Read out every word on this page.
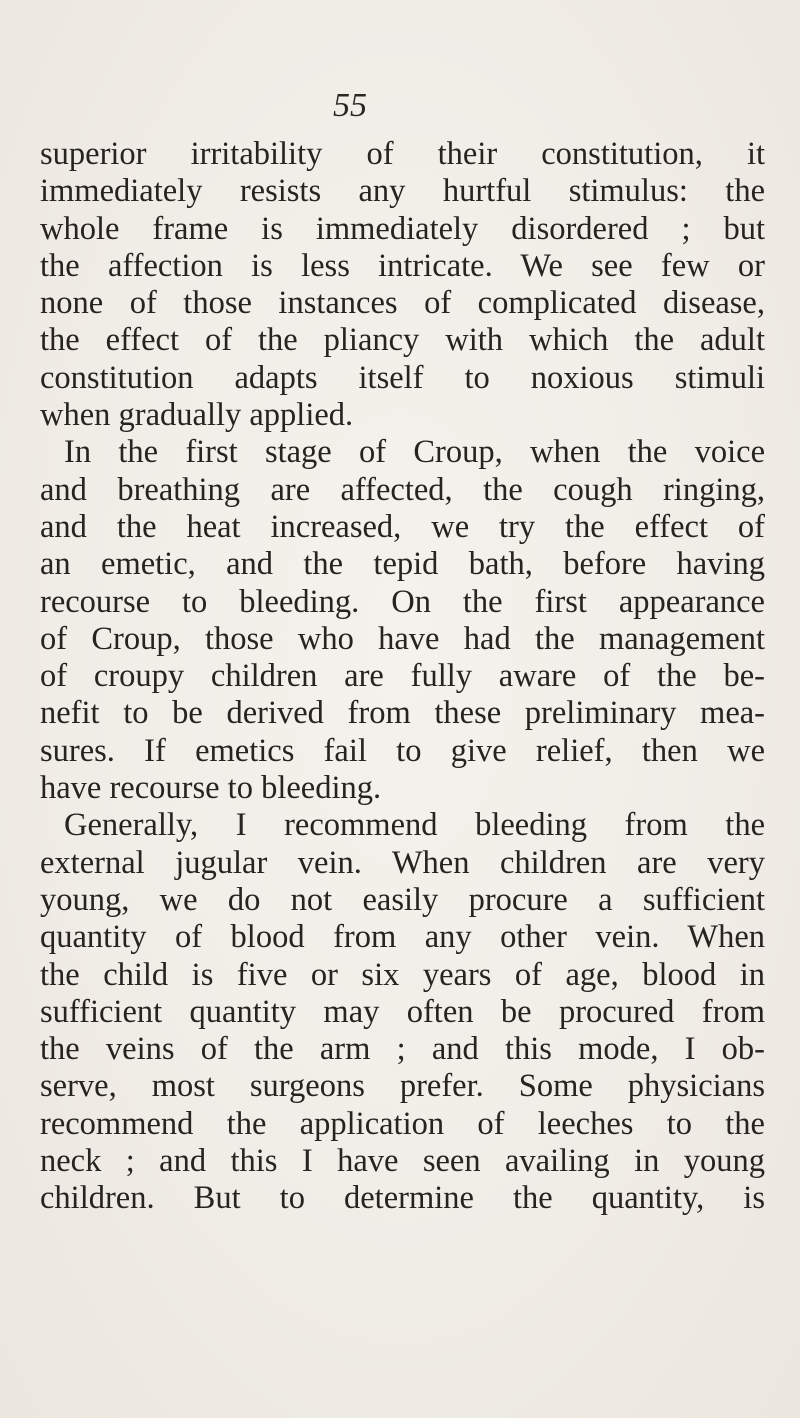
55
superior irritability of their constitution, it
immediately resists any hurtful stimulus: the
whole frame is immediately disordered ; but
the affection is less intricate. We see few or
none of those instances of complicated disease,
the effect of the pliancy with which the adult
constitution adapts itself to noxious stimuli
when gradually applied.
In the first stage of Croup, when the voice
and breathing are affected, the cough ringing,
and the heat increased, we try the effect of
an emetic, and the tepid bath, before having
recourse to bleeding. On the first appearance
of Croup, those who have had the management
of croupy children are fully aware of the be-
nefit to be derived from these preliminary mea-
sures. If emetics fail to give relief, then we
have recourse to bleeding.
Generally, I recommend bleeding from the
external jugular vein. When children are very
young, we do not easily procure a sufficient
quantity of blood from any other vein. When
the child is five or six years of age, blood in
sufficient quantity may often be procured from
the veins of the arm ; and this mode, I ob-
serve, most surgeons prefer. Some physicians
recommend the application of leeches to the
neck ; and this I have seen availing in young
children. But to determine the quantity, is
